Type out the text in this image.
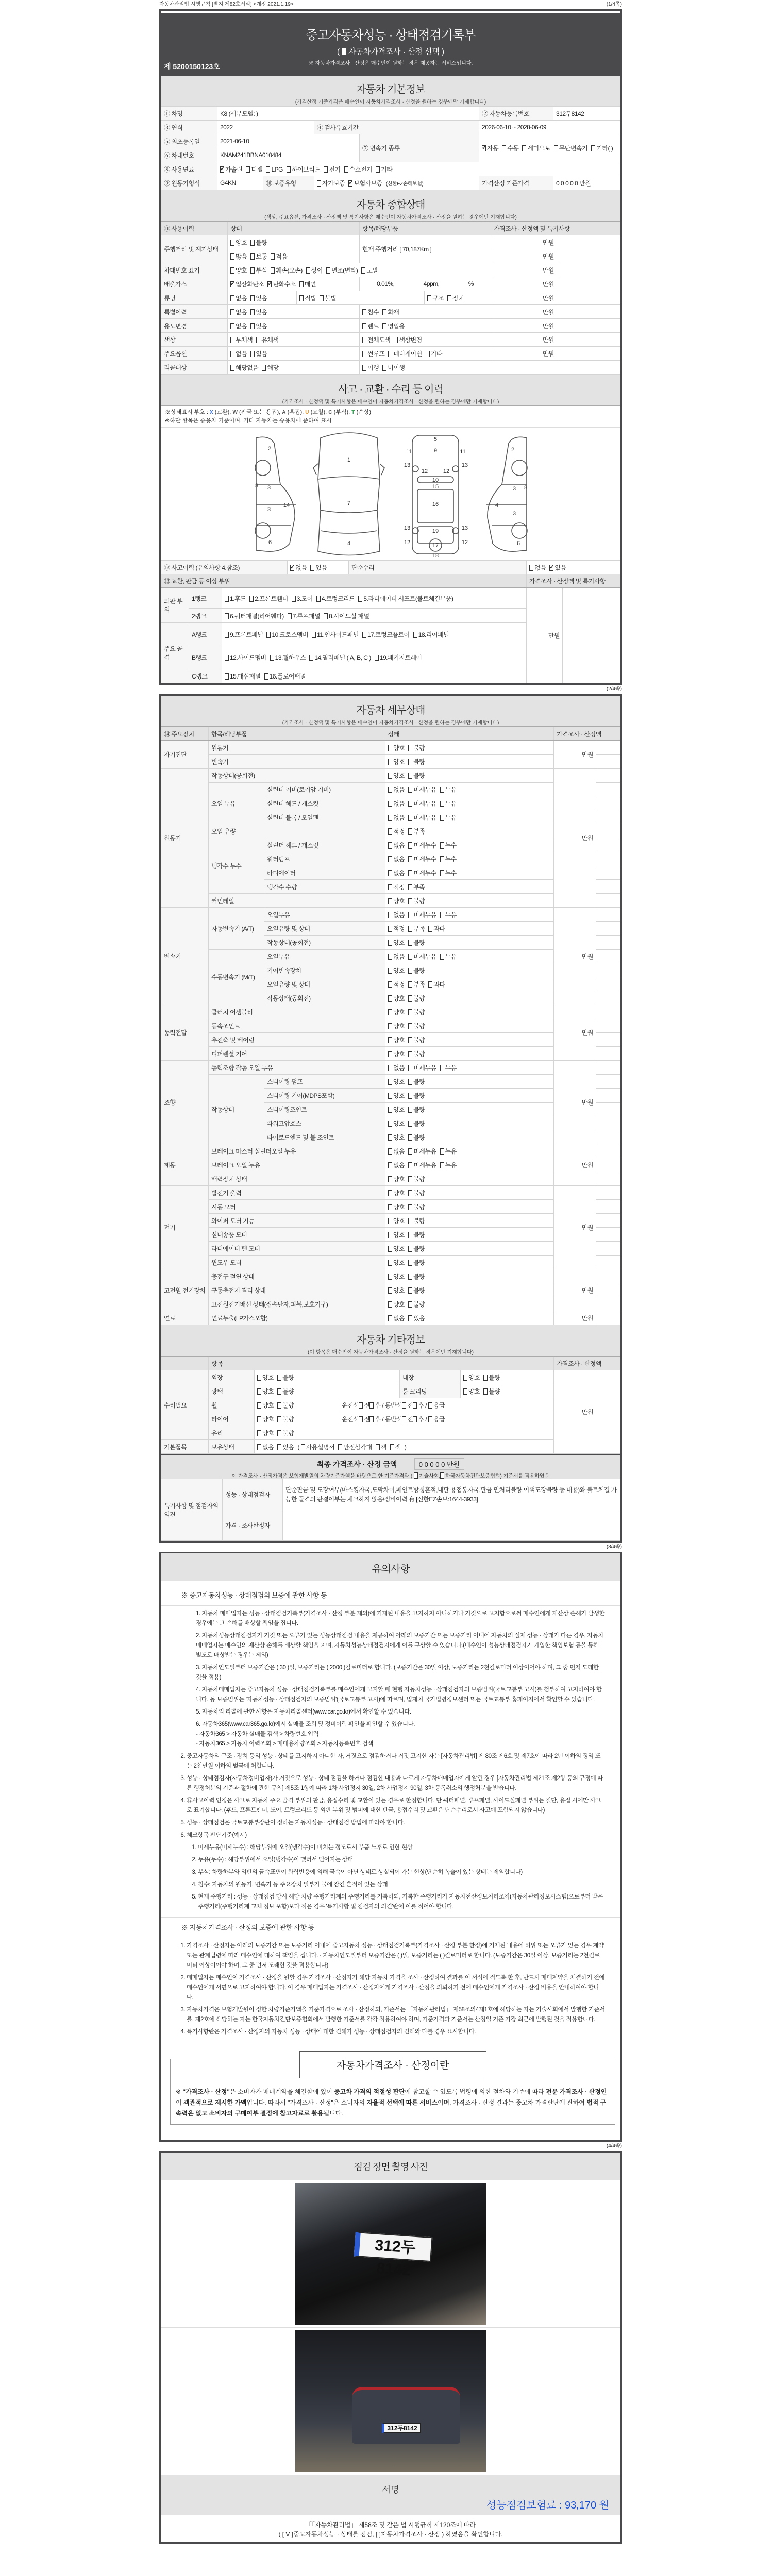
자동차관리법 시행규칙 [별지 제82호서식] <개정 2021.1.19>	(1/4쪽)
중고자동차성능 · 상태점검기록부
( 자동차가격조사 · 산정 선택 )
※ 자동차가격조사 · 산정은 매수인이 원하는 경우 제공하는 서비스입니다.
제 5200150123호
자동차 기본정보
(가격산정 기준가격은 매수인이 자동차가격조사 · 산정을 원하는 경우에만 기재합니다)
① 차명	K8 (세부모델: )				② 자동차등록번호	312두8142
③ 연식	2022		④ 검사유효기간		2026-06-10 ~ 2028-06-09	
⑤ 최초등록일	2021-06-10			⑦ 변속기 종류	✓자동 수동 세미오토 무단변속기 기타( )
⑥ 차대번호	KNAM241BBNA010484					
⑧ 사용연료	✓가솔린 디젤 LPG 하이브리드 전기 수소전기 기타
⑨ 원동기형식	G4KN	⑩ 보증유형	자가보증 ✓ 보험사보증 (신한EZ손해보험)		가격산정 기준가격	0 0 0 0 0 만원
자동차 종합상태
(색상, 주요옵션, 가격조사 · 산정액 및 특기사항은 매수인이 자동차가격조사 · 산정을 원하는 경우에만 기재합니다)
⑪ 사용이력	상태		항목/해당부품		가격조사 · 산정액 및 특기사항	
주행거리 및 계기상태	양호 불량		현재 주행거리 [ 70,187Km ]		만원	
	많음 보통 적음				만원	
차대번호 표기	양호 부식 훼손(오손) 상이 변조(변타) 도말				만원	
배출가스	✓일산화탄소 ✓ 탄화수소 매연		0.01%, 4ppm, %		만원	
튜닝	없음 있음	적법 불법		구조 장치	만원	
특별이력	없음 있음		침수 화재		만원	
용도변경	없음 있음		렌트 영업용		만원	
색상	무채색 유채색		전체도색 색상변경		만원	
주요옵션	없음 있음		썬루프 네비게이션 기타		만원	
리콜대상	해당없음 해당		이행 미이행			
사고 · 교환 · 수리 등 이력
(가격조사 · 산정액 및 특기사항은 매수인이 자동차가격조사 · 산정을 원하는 경우에만 기재합니다)
※상태표시 부호 : X (교환), W (판금 또는 용접), A (흠집), U (요철), C (부식), T (손상)
※하단 항목은 승용차 기준이며, 기타 자동차는 승용차에 준하여 표시
2
8 3
3
14
6
1
7
4
5
9
11	11
13	13
12	12
10
15
16
13	13
19
17
12	12
18
2
3 8
4
3
6
⑫ 사고이력 (유의사항 4.참조)	✓없음 있음	단순수리	없음 ✓ 있음
⑬ 교환, 판금 등 이상 부위					가격조사 · 산정액 및 특기사항	
외판 부위	1랭크	1.후드 2.프론트휀더 3.도어 4.트렁크리드 5.라디에이터 서포트(볼트체결부품)			만원	
	2랭크	6.쿼터패널(리어휀다) 7.루프패널 8.사이드실 패널				
주요 골격	A랭크	9.프론트패널 10.크로스멤버 11.인사이드패널 17.트렁크플로어 18.리어패널				
	B랭크	12.사이드멤버 13.휠하우스 14.필러패널 ( A, B, C ) 19.패키지트레이				
	C랭크	15.대쉬패널 16.플로어패널				
(2/4쪽)
자동차 세부상태
(가격조사 · 산정액 및 특기사항은 매수인이 자동차가격조사 · 산정을 원하는 경우에만 기재합니다)
⑭ 주요장치	항목/해당부품		상태	가격조사 · 산정액	
자기진단	원동기		양호 불량	만원	
	변속기		양호 불량		
원동기	작동상태(공회전)		양호 불량	만원	
	오일 누유	실린더 커버(로커암 커버)	없음 미세누유 누유		
		실린더 헤드 / 개스킷	없음 미세누유 누유		
		실린더 블록 / 오일팬	없음 미세누유 누유		
	오일 유량		적정 부족		
	냉각수 누수	실린더 헤드 / 개스킷	없음 미세누수 누수		
		워터펌프	없음 미세누수 누수		
		라디에이터	없음 미세누수 누수		
		냉각수 수량	적정 부족		
	커먼레일		양호 불량		
변속기	자동변속기 (A/T)	오일누유	없음 미세누유 누유	만원	
		오일유량 및 상태	적정 부족 과다		
		작동상태(공회전)	양호 불량		
	수동변속기 (M/T)	오일누유	없음 미세누유 누유		
		기어변속장치	양호 불량		
		오일유량 및 상태	적정 부족 과다		
		작동상태(공회전)	양호 불량		
동력전달	클러치 어셈블리		양호 불량	만원	
	등속조인트		양호 불량		
	추진축 및 베어링		양호 불량		
	디퍼렌셜 기어		양호 불량		
조향	동력조향 작동 오일 누유		없음 미세누유 누유	만원	
	작동상태	스티어링 펌프	양호 불량		
		스티어링 기어(MDPS포함)	양호 불량		
		스티어링조인트	양호 불량		
		파워고압호스	양호 불량		
		타이로드엔드 및 볼 조인트	양호 불량		
제동	브레이크 마스터 실린더오일 누유		없음 미세누유 누유	만원	
	브레이크 오일 누유		없음 미세누유 누유		
	배력장치 상태		양호 불량		
전기	발전기 출력		양호 불량	만원	
	시동 모터		양호 불량		
	와이퍼 모터 기능		양호 불량		
	실내송풍 모터		양호 불량		
	라디에이터 팬 모터		양호 불량		
	윈도우 모터		양호 불량		
고전원 전기장치	충전구 절연 상태		양호 불량	만원	
	구동축전지 격리 상태		양호 불량		
	고전원전기배선 상태(접속단자,피복,보호기구)		양호 불량		
연료	연료누출(LP가스포함)		없음 있음	만원	
자동차 기타정보
(이 항목은 매수인이 자동차가격조사 · 산정을 원하는 경우에만 기재합니다)
	항목					가격조사 · 산정액	
수리필요	외장	양호 불량		내장	양호 불량	만원	
	광택	양호 불량		룸 크리닝	양호 불량		
	휠	양호 불량	운전석 전 후 / 동반석 전 후 / 응급				
	타이어	양호 불량	운전석 전 후 / 동반석 전 후 / 응급				
	유리	양호 불량					
기본품목	보유상태	없음 있음 ( 사용설명서 안전삼각대 잭 잭 )					
최종 가격조사 · 산정 금액	0 0 0 0 0 만원
이 가격조사 · 산정가격은 보험개발원의 차량기준가액을 바탕으로 한 기준가격과 ( 기술사회, 한국자동차진단보증협회) 기준서를 적용하였음
특기사항 및 점검자의 의견	성능 · 상태점검자	단순판금 및 도장여부(마스킹자국,도막차이,페인트방청흔적,내판 용접봉자국,판금 면처리불량,이색도장불량 등 내용)와 볼트체결 가능한 골격의 판결여부는 체크하지 않음/정비이력 有 [신한EZ손보:1644-3933]
	가격 · 조사산정자	
(3/4쪽)
유의사항
※ 중고자동차성능 · 상태점검의 보증에 관한 사항 등
1. 자동차 매매업자는 성능 · 상태점검기록부(가격조사 · 산정 부분 제외)에 기재된 내용을 고지하지 아니하거나 거짓으로 고지함으로써 매수인에게 재산상 손해가 발생한 경우에는 그 손해를 배상할 책임을 집니다.
2. 자동차성능상태점검자가 거짓 또는 오류가 있는 성능상태점검 내용을 제공하여 아래의 보증기간 또는 보증거리 이내에 자동차의 실제 성능 · 상태가 다른 경우, 자동차매매업자는 매수인의 재산상 손해를 배상할 책임을 지며, 자동차성능상태점검자에게 이를 구상할 수 있습니다.(매수인이 성능상태점검자가 가입한 책임보험 등을 통해 별도로 배상받는 경우는 제외)
3. 자동차인도일부터 보증기간은 ( 30 )일, 보증거리는 ( 2000 )킬로미터로 합니다. (보증기간은 30일 이상, 보증거리는 2천킬로미터 이상이어야 하며, 그 중 먼저 도래한 것을 적용)
4. 자동차매매업자는 중고자동차 성능 · 상태점검기록부를 매수인에게 고지할 때 현행 자동차성능 · 상태점검자의 보증범위(국토교통부 고시)를 첨부하여 고지하여야 합니다. 동 보증범위는 '자동차성능 · 상태점검자의 보증범위'(국토교통부 고시)에 따르며, 법제처 국가법령정보센터 또는 국토교통부 홈페이지에서 확인할 수 있습니다.
5. 자동차의 리콜에 관한 사항은 자동차리콜센터(www.car.go.kr)에서 확인할 수 있습니다.
6. 자동차365(www.car365.go.kr)에서 실매물 조회 및 정비이력 확인을 확인할 수 있습니다.
- 자동차365 > 자동차 실매물 검색 > 차량번호 입력
- 자동차365 > 자동차 이력조회 > 매매용차량조회 > 자동차등록번호 검색
2. 중고자동차의 구조 · 장치 등의 성능 · 상태를 고지하지 아니한 자, 거짓으로 점검하거나 거짓 고지한 자는 [자동차관리법] 제 80조 제6호 및 제7호에 따라 2년 이하의 징역 또는 2천만원 이하의 벌금에 처합니다.
3. 성능 · 상태점검자(자동차정비업자)가 거짓으로 성능 · 상태 점검을 하거나 점검한 내용과 다르게 자동차매매업자에게 알린 경우 [자동차관리법 제21조 제2항 등의 규정에 따른 행정처분의 기준과 절차에 관한 규칙] 제5조 1항에 따라 1차 사업정지 30일, 2차 사업정지 90일, 3차 등록취소의 행정처분을 받습니다.
4. ⑫사고이력 인정은 사고로 자동차 주요 골격 부위의 판금, 용접수리 및 교환이 있는 경우로 한정합니다. 단 쿼터패널, 루프패널, 사이드실패널 부위는 절단, 용접 시에만 사고로 표기합니다. (후드, 프론트펜더, 도어, 트렁크리드 등 외판 부위 및 범퍼에 대한 판금, 용접수리 및 교환은 단순수리로서 사고에 포함되지 않습니다)
5. 성능 · 상태점검은 국토교통부장관이 정하는 자동차성능 · 상태점검 방법에 따라야 합니다.
6. 체크항목 판단기준(예시)
1. 미세누유(미세누수) : 해당부위에 오일(냉각수)이 비치는 정도로서 부품 노후로 인한 현상
2. 누유(누수) : 해당부위에서 오일(냉각수)이 맺혀서 떨어지는 상태
3. 부식: 차량하부와 외판의 금속표면이 화학반응에 의해 금속이 아닌 상태로 상실되어 가는 현상(단순히 녹슬어 있는 상태는 제외합니다)
4. 침수: 자동차의 원동기, 변속기 등 주요장치 일부가 물에 잠긴 흔적이 있는 상태
5. 현재 주행거리 : 성능 · 상태점검 당시 해당 차량 주행거리계의 주행거리를 기록하되, 기록한 주행거리가 자동차전산정보처리조직(자동차관리정보시스템)으로부터 받은 주행거리(주행거리계 교체 정보 포함)보다 적은 경우 '특기사항 및 점검자의 의견'란에 이를 적어야 합니다.
※ 자동차가격조사 · 산정의 보증에 관한 사항 등
1. 가격조사 · 산정자는 아래의 보증기간 또는 보증거리 이내에 중고자동차 성능 · 상태점검기록부(가격조사 · 산정 부분 한정)에 기재된 내용에 허위 또는 오류가 있는 경우 계약 또는 관계법령에 따라 매수인에 대하여 책임을 집니다. · 자동차인도일부터 보증기간은 ( )일, 보증거리는 ( )킬로미터로 합니다. (보증기간은 30일 이상, 보증거리는 2천킬로미터 이상이어야 하며, 그 중 먼저 도래한 것을 적용합니다)
2. 매매업자는 매수인이 가격조사 · 산정을 원할 경우 가격조사 · 산정자가 해당 자동차 가격을 조사 · 산정하여 결과를 이 서식에 적도록 한 후, 반드시 매매계약을 체결하기 전에 매수인에게 서면으로 고지하여야 합니다. 이 경우 매매업자는 가격조사 · 산정자에게 가격조사 · 산정을 의뢰하기 전에 매수인에게 가격조사 · 산정 비용을 안내하여야 합니다.
3. 자동차가격은 보험개발원이 정한 차량기준가액을 기준가격으로 조사 · 산정하되, 기준서는 「자동차관리법」 제58조의4제1호에 해당하는 자는 기술사회에서 발행한 기준서를, 제2호에 해당하는 자는 한국자동차진단보증협회에서 발행한 기준서를 각각 적용하여야 하며, 기준가격과 기준서는 산정일 기준 가장 최근에 발행된 것을 적용합니다.
4. 특기사항란은 가격조사 · 산정자의 자동차 성능 · 상태에 대한 견해가 성능 · 상태점검자의 견해와 다를 경우 표시합니다.
자동차가격조사 · 산정이란

※ "가격조사 · 산정"은 소비자가 매매계약을 체결함에 있어 중고차 가격의 적절성 판단에 참고할 수 있도록 법령에 의한 절차와 기준에 따라 전문 가격조사 · 산정인이 객관적으로 제시한 가액입니다. 따라서 "가격조사 · 산정"은 소비자의 자율적 선택에 따른 서비스이며, 가격조사 · 산정 결과는 중고차 가격판단에 관하여 법적 구속력은 없고 소비자의 구매여부 결정에 참고자료로 활용됩니다.

(4/4쪽)
점검 장면 촬영 사진
312두8142
312두8142
서명
성능점검보험료 : 93,170 원
「「자동차관리법」 제58조 및 같은 법 시행규칙 제120조에 따라
( [ V ]중고자동차성능 · 상태를 점검, [ ]자동차가격조사 · 산정 ) 하였음을 확인합니다.
